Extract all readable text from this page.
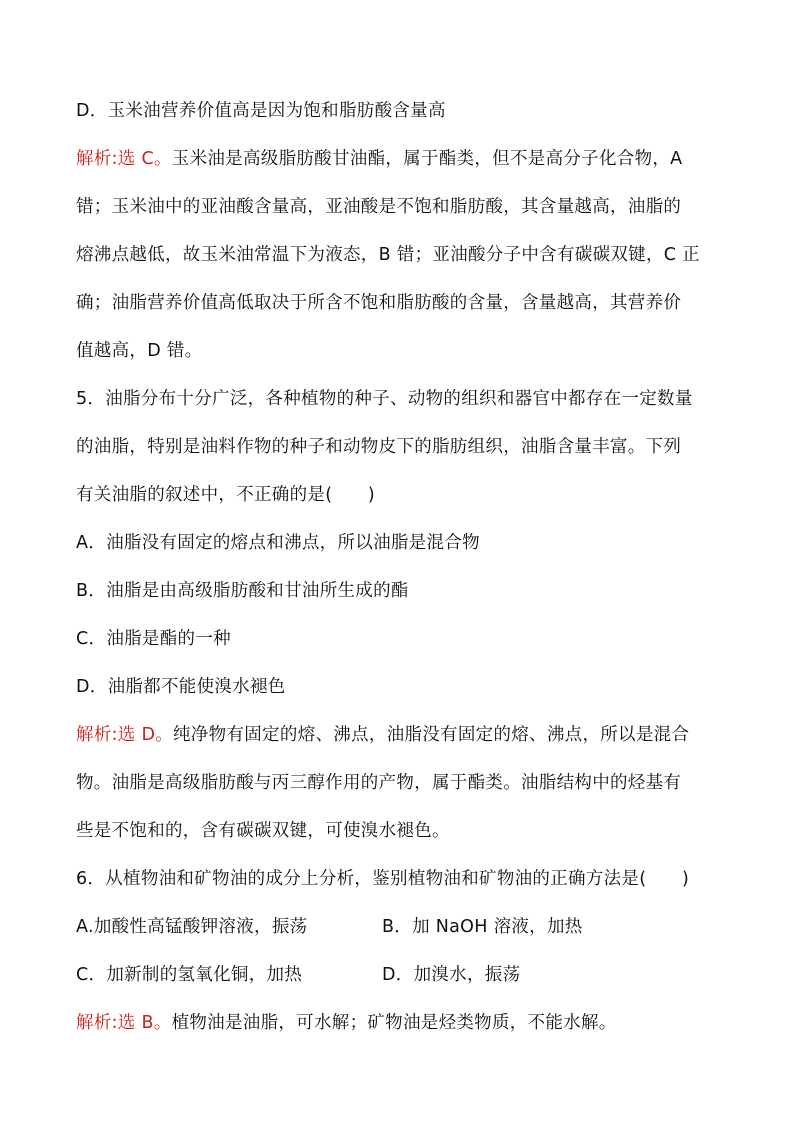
D．玉米油营养价值高是因为饱和脂肪酸含量高
解析:选 C。玉米油是高级脂肪酸甘油酯，属于酯类，但不是高分子化合物，A
错；玉米油中的亚油酸含量高，亚油酸是不饱和脂肪酸，其含量越高，油脂的
熔沸点越低，故玉米油常温下为液态，B 错；亚油酸分子中含有碳碳双键，C 正
确；油脂营养价值高低取决于所含不饱和脂肪酸的含量，含量越高，其营养价
值越高，D 错。
5．油脂分布十分广泛，各种植物的种子、动物的组织和器官中都存在一定数量
的油脂，特别是油料作物的种子和动物皮下的脂肪组织，油脂含量丰富。下列
有关油脂的叙述中，不正确的是(　　)
A．油脂没有固定的熔点和沸点，所以油脂是混合物
B．油脂是由高级脂肪酸和甘油所生成的酯
C．油脂是酯的一种
D．油脂都不能使溴水褪色
解析:选 D。纯净物有固定的熔、沸点，油脂没有固定的熔、沸点，所以是混合
物。油脂是高级脂肪酸与丙三醇作用的产物，属于酯类。油脂结构中的烃基有
些是不饱和的，含有碳碳双键，可使溴水褪色。
6．从植物油和矿物油的成分上分析，鉴别植物油和矿物油的正确方法是(　　)
A.加酸性高锰酸钾溶液，振荡	B．加 NaOH 溶液，加热
C．加新制的氢氧化铜，加热	D．加溴水，振荡
解析:选 B。植物油是油脂，可水解；矿物油是烃类物质，不能水解。
